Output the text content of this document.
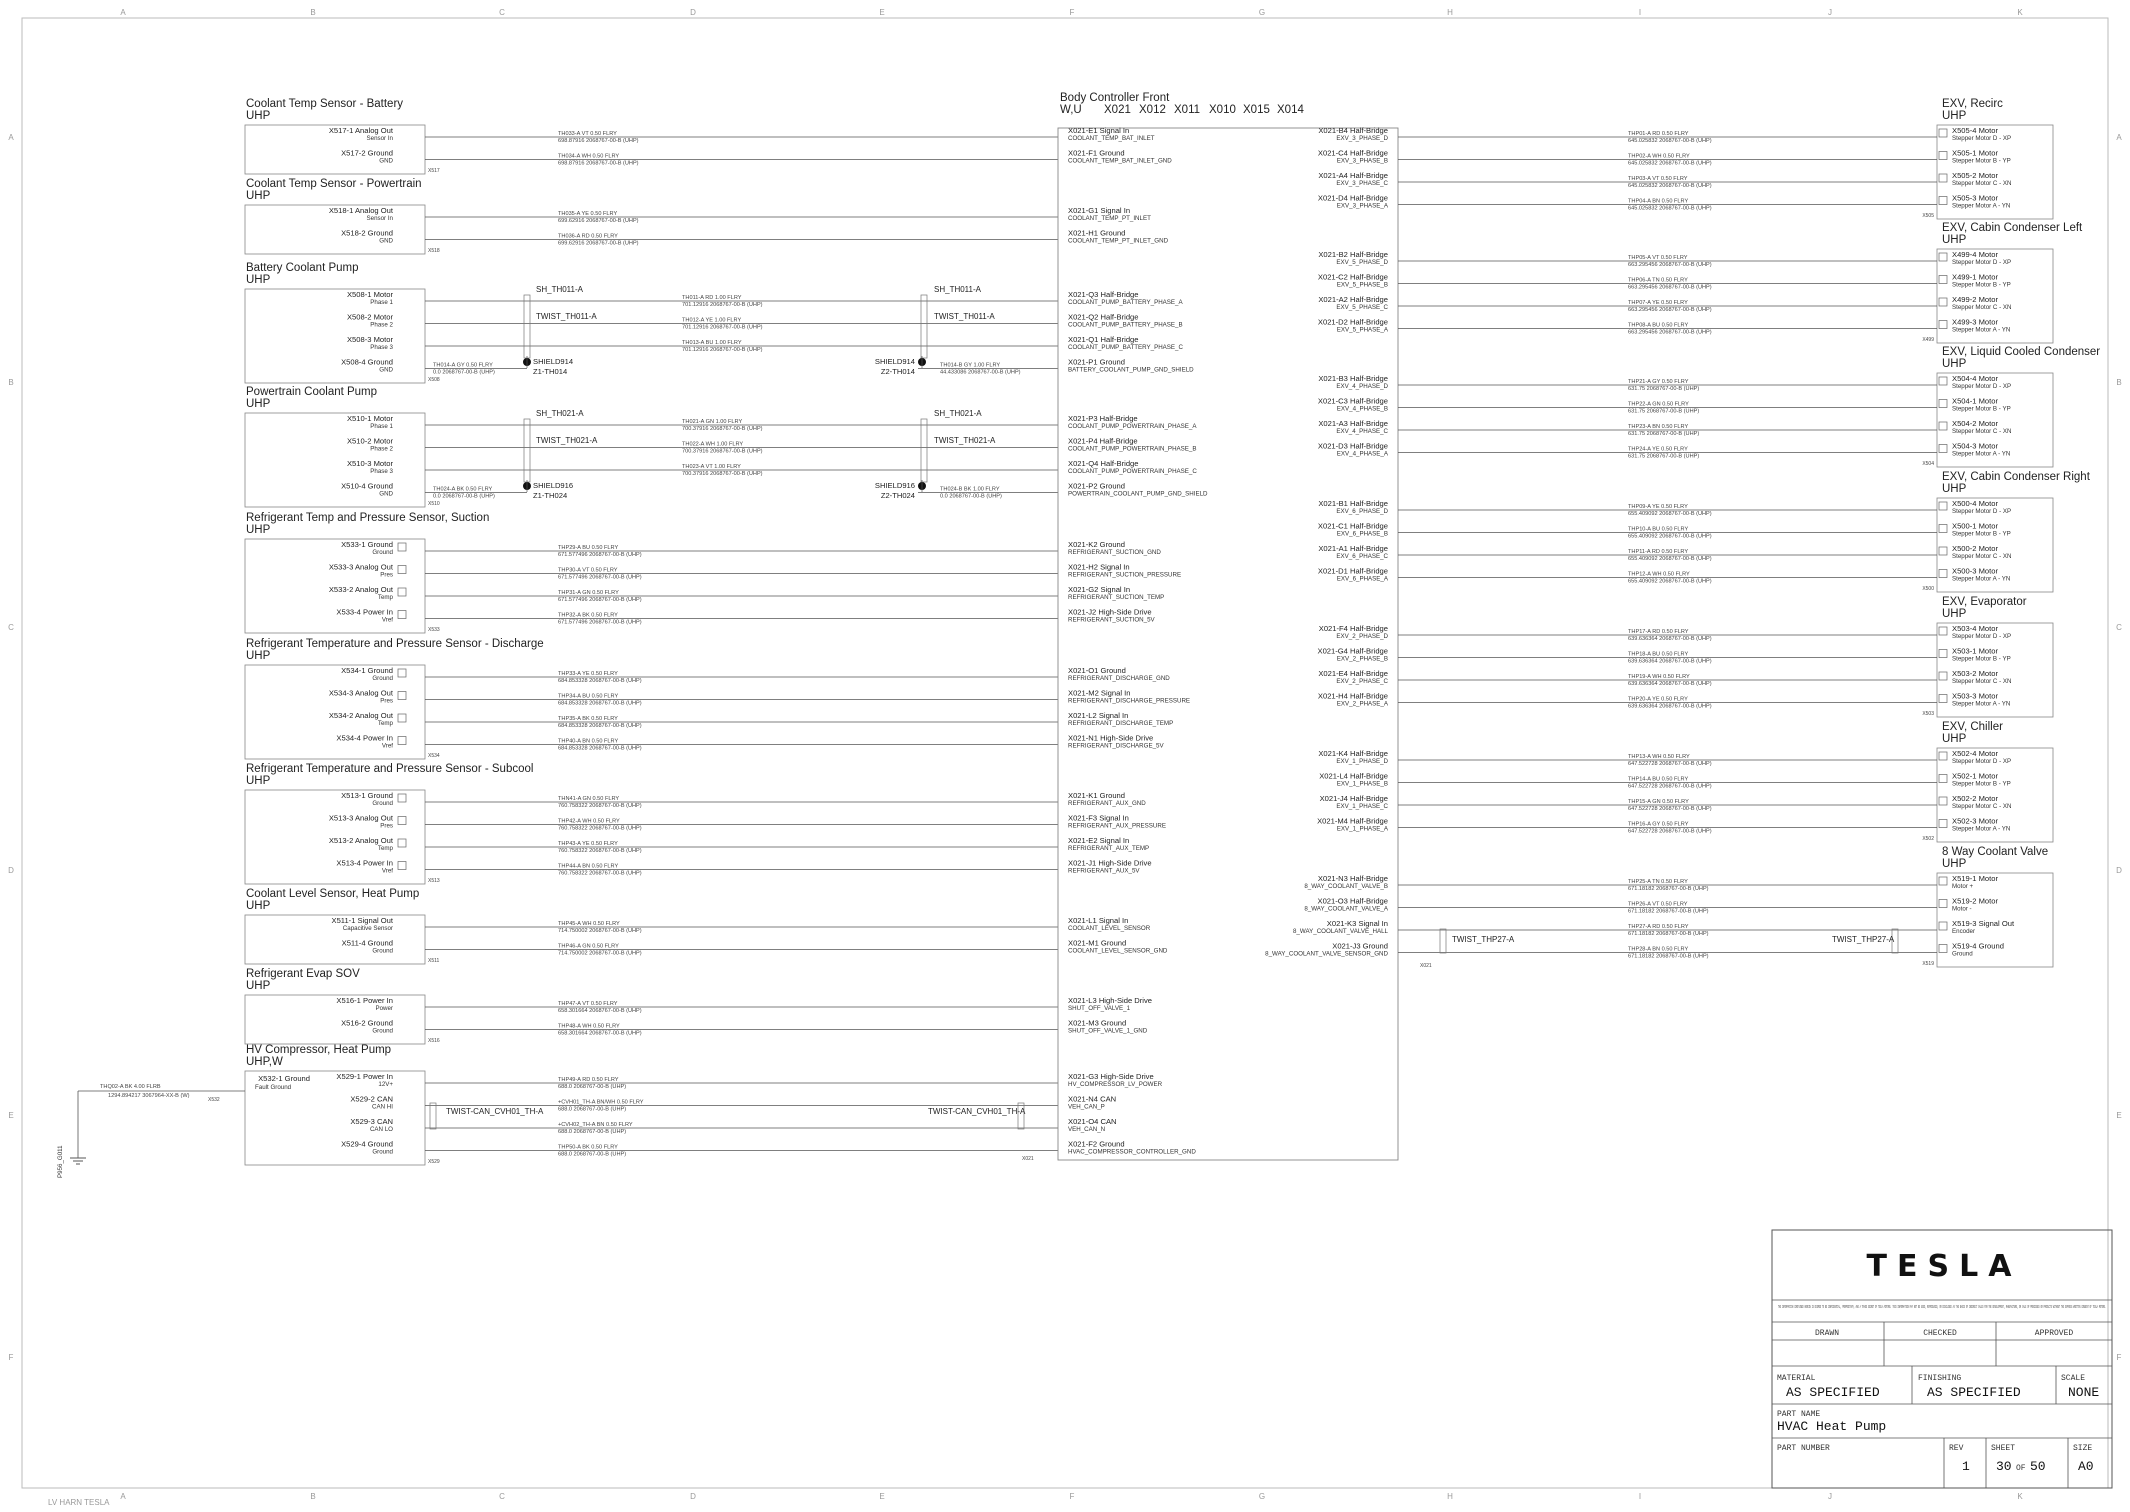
A
A
B
B
C
C
D
D
E
E
F
F
G
G
H
H
I
I
J
J
K
K
A	A
B	B
C	C
D	D
E	E
F	F
LV HARN TESLA
Coolant Temp Sensor - Battery
UHP
X517
X517-1 Analog Out
Sensor In
TH033-A VT 0.50 FLRY
698.87916 2068767-00-B (UHP)
X517-2 Ground
GND
TH034-A WH 0.50 FLRY
698.87916 2068767-00-B (UHP)
Coolant Temp Sensor - Powertrain
UHP
X518
X518-1 Analog Out
Sensor In
TH035-A YE 0.50 FLRY
699.62916 2068767-00-B (UHP)
X518-2 Ground
GND
TH036-A RD 0.50 FLRY
699.62916 2068767-00-B (UHP)
Battery Coolant Pump
UHP
X508
X508-1 Motor
Phase 1
TH011-A RD 1.00 FLRY
701.12916 2068767-00-B (UHP)
X508-2 Motor
Phase 2
TH012-A YE 1.00 FLRY
701.12916 2068767-00-B (UHP)
X508-3 Motor
Phase 3
TH013-A BU 1.00 FLRY
701.12916 2068767-00-B (UHP)
X508-4 Ground
GND
TH014-A GY 0.50 FLRY
0.0 2068767-00-B (UHP)
TH014-B GY 1.00 FLRY
44.433086 2068767-00-B (UHP)
SH_TH011-A	SH_TH011-A
TWIST_TH011-A	TWIST_TH011-A
SHIELD914
Z1-TH014
SHIELD914
Z2-TH014
Powertrain Coolant Pump
UHP
X510
X510-1 Motor
Phase 1
TH021-A GN 1.00 FLRY
700.37916 2068767-00-B (UHP)
X510-2 Motor
Phase 2
TH022-A WH 1.00 FLRY
700.37916 2068767-00-B (UHP)
X510-3 Motor
Phase 3
TH023-A VT 1.00 FLRY
700.37916 2068767-00-B (UHP)
X510-4 Ground
GND
TH024-A BK 0.50 FLRY
0.0 2068767-00-B (UHP)
TH024-B BK 1.00 FLRY
0.0 2068767-00-B (UHP)
SH_TH021-A	SH_TH021-A
TWIST_TH021-A	TWIST_TH021-A
SHIELD916
Z1-TH024
SHIELD916
Z2-TH024
Refrigerant Temp and Pressure Sensor, Suction
UHP
X533
X533-1 Ground
Ground
THP29-A BU 0.50 FLRY
671.577496 2068767-00-B (UHP)
X533-3 Analog Out
Pres
THP30-A VT 0.50 FLRY
671.577496 2068767-00-B (UHP)
X533-2 Analog Out
Temp
THP31-A GN 0.50 FLRY
671.577496 2068767-00-B (UHP)
X533-4 Power In
Vref
THP32-A BK 0.50 FLRY
671.577496 2068767-00-B (UHP)
Refrigerant Temperature and Pressure Sensor - Discharge
UHP
X534
X534-1 Ground
Ground
THP33-A YE 0.50 FLRY
684.853328 2068767-00-B (UHP)
X534-3 Analog Out
Pres
THP34-A BU 0.50 FLRY
684.853328 2068767-00-B (UHP)
X534-2 Analog Out
Temp
THP35-A BK 0.50 FLRY
684.853328 2068767-00-B (UHP)
X534-4 Power In
Vref
THP40-A BN 0.50 FLRY
684.853328 2068767-00-B (UHP)
Refrigerant Temperature and Pressure Sensor - Subcool
UHP
X513
X513-1 Ground
Ground
THN41-A GN 0.50 FLRY
760.758322 2068767-00-B (UHP)
X513-3 Analog Out
Pres
THP42-A WH 0.50 FLRY
760.758322 2068767-00-B (UHP)
X513-2 Analog Out
Temp
THP43-A YE 0.50 FLRY
760.758322 2068767-00-B (UHP)
X513-4 Power In
Vref
THP44-A BN 0.50 FLRY
760.758322 2068767-00-B (UHP)
Coolant Level Sensor, Heat Pump
UHP
X511
X511-1 Signal Out
Capacitive Sensor
THP45-A WH 0.50 FLRY
714.750002 2068767-00-B (UHP)
X511-4 Ground
Ground
THP46-A GN 0.50 FLRY
714.750002 2068767-00-B (UHP)
Refrigerant Evap SOV
UHP
X516
X516-1 Power In
Power
THP47-A VT 0.50 FLRY
658.301664 2068767-00-B (UHP)
X516-2 Ground
Ground
THP48-A WH 0.50 FLRY
658.301664 2068767-00-B (UHP)
HV Compressor, Heat Pump
UHP,W
X529
X529-1 Power In
12V+
THP49-A RD 0.50 FLRY
688.0 2068767-00-B (UHP)
X529-2 CAN
CAN HI
+CVH01_TH-A BN/WH 0.50 FLRY
688.0 2068767-00-B (UHP)
X529-3 CAN
CAN LO
+CVH02_TH-A BN 0.50 FLRY
688.0 2068767-00-B (UHP)
X529-4 Ground
Ground
THP50-A BK 0.50 FLRY
688.0 2068767-00-B (UHP)
X532-1 Ground
Fault Ground
X532
THQ02-A BK 4.00 FLRB
1294.894217 3067964-XX-B (W)
P956_G011
TWIST-CAN_CVH01_TH-A	TWIST-CAN_CVH01_TH-A
Body Controller Front
W,U X021 X012 X011 X010 X015 X014
X021
X021-E1 Signal In
COOLANT_TEMP_BAT_INLET
X021-F1 Ground
COOLANT_TEMP_BAT_INLET_GND
X021-G1 Signal In
COOLANT_TEMP_PT_INLET
X021-H1 Ground
COOLANT_TEMP_PT_INLET_GND
X021-Q3 Half-Bridge
COOLANT_PUMP_BATTERY_PHASE_A
X021-Q2 Half-Bridge
COOLANT_PUMP_BATTERY_PHASE_B
X021-Q1 Half-Bridge
COOLANT_PUMP_BATTERY_PHASE_C
X021-P1 Ground
BATTERY_COOLANT_PUMP_GND_SHIELD
X021-P3 Half-Bridge
COOLANT_PUMP_POWERTRAIN_PHASE_A
X021-P4 Half-Bridge
COOLANT_PUMP_POWERTRAIN_PHASE_B
X021-Q4 Half-Bridge
COOLANT_PUMP_POWERTRAIN_PHASE_C
X021-P2 Ground
POWERTRAIN_COOLANT_PUMP_GND_SHIELD
X021-K2 Ground
REFRIGERANT_SUCTION_GND
X021-H2 Signal In
REFRIGERANT_SUCTION_PRESSURE
X021-G2 Signal In
REFRIGERANT_SUCTION_TEMP
X021-J2 High-Side Drive
REFRIGERANT_SUCTION_5V
X021-O1 Ground
REFRIGERANT_DISCHARGE_GND
X021-M2 Signal In
REFRIGERANT_DISCHARGE_PRESSURE
X021-L2 Signal In
REFRIGERANT_DISCHARGE_TEMP
X021-N1 High-Side Drive
REFRIGERANT_DISCHARGE_5V
X021-K1 Ground
REFRIGERANT_AUX_GND
X021-F3 Signal In
REFRIGERANT_AUX_PRESSURE
X021-E2 Signal In
REFRIGERANT_AUX_TEMP
X021-J1 High-Side Drive
REFRIGERANT_AUX_5V
X021-L1 Signal In
COOLANT_LEVEL_SENSOR
X021-M1 Ground
COOLANT_LEVEL_SENSOR_GND
X021-L3 High-Side Drive
SHUT_OFF_VALVE_1
X021-M3 Ground
SHUT_OFF_VALVE_1_GND
X021-G3 High-Side Drive
HV_COMPRESSOR_LV_POWER
X021-N4 CAN
VEH_CAN_P
X021-O4 CAN
VEH_CAN_N
X021-F2 Ground
HVAC_COMPRESSOR_CONTROLLER_GND
X021-B4 Half-Bridge
EXV_3_PHASE_D
X021-C4 Half-Bridge
EXV_3_PHASE_B
X021-A4 Half-Bridge
EXV_3_PHASE_C
X021-D4 Half-Bridge
EXV_3_PHASE_A
X021-B2 Half-Bridge
EXV_5_PHASE_D
X021-C2 Half-Bridge
EXV_5_PHASE_B
X021-A2 Half-Bridge
EXV_5_PHASE_C
X021-D2 Half-Bridge
EXV_5_PHASE_A
X021-B3 Half-Bridge
EXV_4_PHASE_D
X021-C3 Half-Bridge
EXV_4_PHASE_B
X021-A3 Half-Bridge
EXV_4_PHASE_C
X021-D3 Half-Bridge
EXV_4_PHASE_A
X021-B1 Half-Bridge
EXV_6_PHASE_D
X021-C1 Half-Bridge
EXV_6_PHASE_B
X021-A1 Half-Bridge
EXV_6_PHASE_C
X021-D1 Half-Bridge
EXV_6_PHASE_A
X021-F4 Half-Bridge
EXV_2_PHASE_D
X021-G4 Half-Bridge
EXV_2_PHASE_B
X021-E4 Half-Bridge
EXV_2_PHASE_C
X021-H4 Half-Bridge
EXV_2_PHASE_A
X021-K4 Half-Bridge
EXV_1_PHASE_D
X021-L4 Half-Bridge
EXV_1_PHASE_B
X021-J4 Half-Bridge
EXV_1_PHASE_C
X021-M4 Half-Bridge
EXV_1_PHASE_A
X021-N3 Half-Bridge
8_WAY_COOLANT_VALVE_B
X021-O3 Half-Bridge
8_WAY_COOLANT_VALVE_A
X021-K3 Signal In
8_WAY_COOLANT_VALVE_HALL
X021-J3 Ground
8_WAY_COOLANT_VALVE_SENSOR_GND
EXV, Recirc
UHP
X505
X505-4 Motor
Stepper Motor D - XP
THP01-A RD 0.50 FLRY
645.025832 2068767-00-B (UHP)
X505-1 Motor
Stepper Motor B - YP
THP02-A WH 0.50 FLRY
645.025832 2068767-00-B (UHP)
X505-2 Motor
Stepper Motor C - XN
THP03-A VT 0.50 FLRY
645.025832 2068767-00-B (UHP)
X505-3 Motor
Stepper Motor A - YN
THP04-A BN 0.50 FLRY
645.025832 2068767-00-B (UHP)
EXV, Cabin Condenser Left
UHP
X499
X499-4 Motor
Stepper Motor D - XP
THP05-A VT 0.50 FLRY
663.295456 2068767-00-B (UHP)
X499-1 Motor
Stepper Motor B - YP
THP06-A TN 0.50 FLRY
663.295456 2068767-00-B (UHP)
X499-2 Motor
Stepper Motor C - XN
THP07-A YE 0.50 FLRY
663.295456 2068767-00-B (UHP)
X499-3 Motor
Stepper Motor A - YN
THP08-A BU 0.50 FLRY
663.295456 2068767-00-B (UHP)
EXV, Liquid Cooled Condenser
UHP
X504
X504-4 Motor
Stepper Motor D - XP
THP21-A GY 0.50 FLRY
631.75 2068767-00-B (UHP)
X504-1 Motor
Stepper Motor B - YP
THP22-A GN 0.50 FLRY
631.75 2068767-00-B (UHP)
X504-2 Motor
Stepper Motor C - XN
THP23-A BN 0.50 FLRY
631.75 2068767-00-B (UHP)
X504-3 Motor
Stepper Motor A - YN
THP24-A YE 0.50 FLRY
631.75 2068767-00-B (UHP)
EXV, Cabin Condenser Right
UHP
X500
X500-4 Motor
Stepper Motor D - XP
THP09-A YE 0.50 FLRY
655.409092 2068767-00-B (UHP)
X500-1 Motor
Stepper Motor B - YP
THP10-A BU 0.50 FLRY
655.409092 2068767-00-B (UHP)
X500-2 Motor
Stepper Motor C - XN
THP11-A RD 0.50 FLRY
655.409092 2068767-00-B (UHP)
X500-3 Motor
Stepper Motor A - YN
THP12-A WH 0.50 FLRY
655.409092 2068767-00-B (UHP)
EXV, Evaporator
UHP
X503
X503-4 Motor
Stepper Motor D - XP
THP17-A RD 0.50 FLRY
639.636364 2068767-00-B (UHP)
X503-1 Motor
Stepper Motor B - YP
THP18-A BU 0.50 FLRY
639.636364 2068767-00-B (UHP)
X503-2 Motor
Stepper Motor C - XN
THP19-A WH 0.50 FLRY
639.636364 2068767-00-B (UHP)
X503-3 Motor
Stepper Motor A - YN
THP20-A YE 0.50 FLRY
639.636364 2068767-00-B (UHP)
EXV, Chiller
UHP
X502
X502-4 Motor
Stepper Motor D - XP
THP13-A WH 0.50 FLRY
647.522728 2068767-00-B (UHP)
X502-1 Motor
Stepper Motor B - YP
THP14-A BU 0.50 FLRY
647.522728 2068767-00-B (UHP)
X502-2 Motor
Stepper Motor C - XN
THP15-A GN 0.50 FLRY
647.522728 2068767-00-B (UHP)
X502-3 Motor
Stepper Motor A - YN
THP16-A GY 0.50 FLRY
647.522728 2068767-00-B (UHP)
8 Way Coolant Valve
UHP
X519
X519-1 Motor
Motor +
THP25-A TN 0.50 FLRY
671.18182 2068767-00-B (UHP)
X519-2 Motor
Motor -
THP26-A VT 0.50 FLRY
671.18182 2068767-00-B (UHP)
X519-3 Signal Out
Encoder
THP27-A RD 0.50 FLRY
671.18182 2068767-00-B (UHP)
X519-4 Ground
Ground
THP28-A BN 0.50 FLRY
671.18182 2068767-00-B (UHP)
TWIST_THP27-A	TWIST_THP27-A
X021
TESLA
THE INFORMATION CONTAINED HEREIN IS DEEMED TO BE CONFIDENTIAL, PROPRIETARY, AND A TRADE SECRET OF TESLA MOTORS. THIS INFORMATION MAY NOT BE USED, REPRODUCED, OR DISCLOSED AS THE BASIS OF INDIRECT SALES FOR THE DEVELOPMENT, MANUFACTURE, OR SALE OF PROCESSES OR PRODUCTS WITHOUT THE EXPRESS WRITTEN CONSENT OF TESLA MOTORS.
DRAWN	CHECKED	APPROVED
MATERIAL
AS SPECIFIED
FINISHING
AS SPECIFIED
SCALE
NONE
PART NAME
HVAC Heat Pump
PART NUMBER	REV
1
SHEET
30 OF 50
SIZE
A0
